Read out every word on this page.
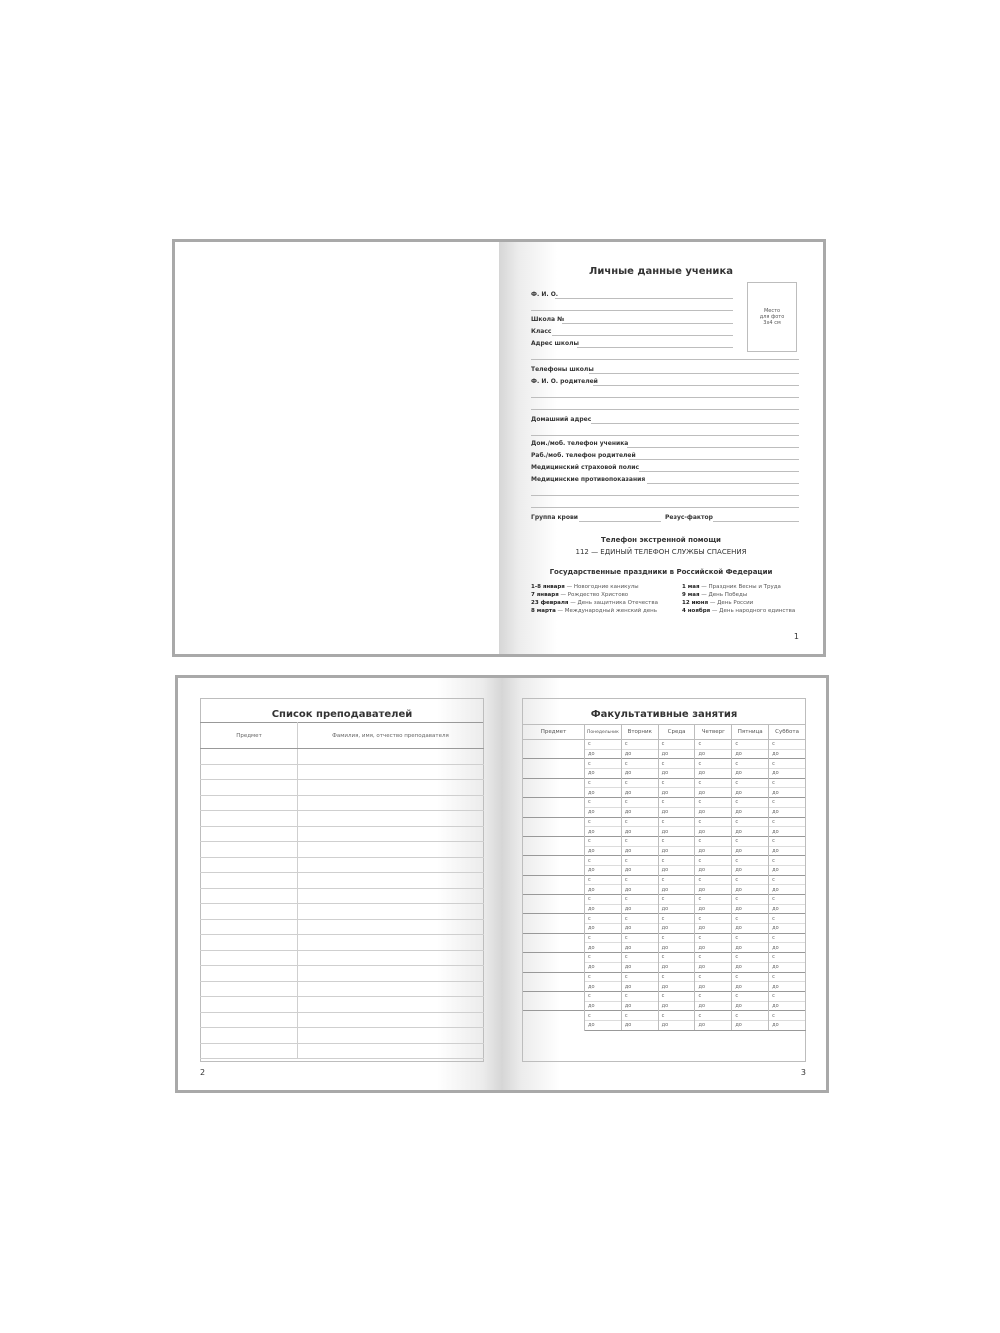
Личные данные ученика
Место
для фото
3x4 см
Ф. И. О.
Школа №
Класс
Адрес школы
Телефоны школы
Ф. И. О. родителей
Домашний адрес
Дом./моб. телефон ученика
Раб./моб. телефон родителей
Медицинский страховой полис
Медицинские противопоказания
Группа крови	Резус-фактор
Телефон экстренной помощи
112 — ЕДИНЫЙ ТЕЛЕФОН СЛУЖБЫ СПАСЕНИЯ
Государственные праздники в Российской Федерации
1-8 января — Новогодние каникулы
7 января — Рождество Христово
23 февраля — День защитника Отечества
8 марта — Международный женский день
1 мая — Праздник Весны и Труда
9 мая — День Победы
12 июня — День России
4 ноября — День народного единства
1
Список преподавателей
Предмет	Фамилия, имя, отчество преподавателя

2
Факультативные занятия
Предмет	Понедельник	Вторник	Среда	Четверг	Пятница	Суббота
	с	с	с	с	с	с
	до	до	до	до	до	до
	с	с	с	с	с	с
	до	до	до	до	до	до
	с	с	с	с	с	с
	до	до	до	до	до	до
	с	с	с	с	с	с
	до	до	до	до	до	до
	с	с	с	с	с	с
	до	до	до	до	до	до
	с	с	с	с	с	с
	до	до	до	до	до	до
	с	с	с	с	с	с
	до	до	до	до	до	до
	с	с	с	с	с	с
	до	до	до	до	до	до
	с	с	с	с	с	с
	до	до	до	до	до	до
	с	с	с	с	с	с
	до	до	до	до	до	до
	с	с	с	с	с	с
	до	до	до	до	до	до
	с	с	с	с	с	с
	до	до	до	до	до	до
	с	с	с	с	с	с
	до	до	до	до	до	до
	с	с	с	с	с	с
	до	до	до	до	до	до
	с	с	с	с	с	с
	до	до	до	до	до	до
3
